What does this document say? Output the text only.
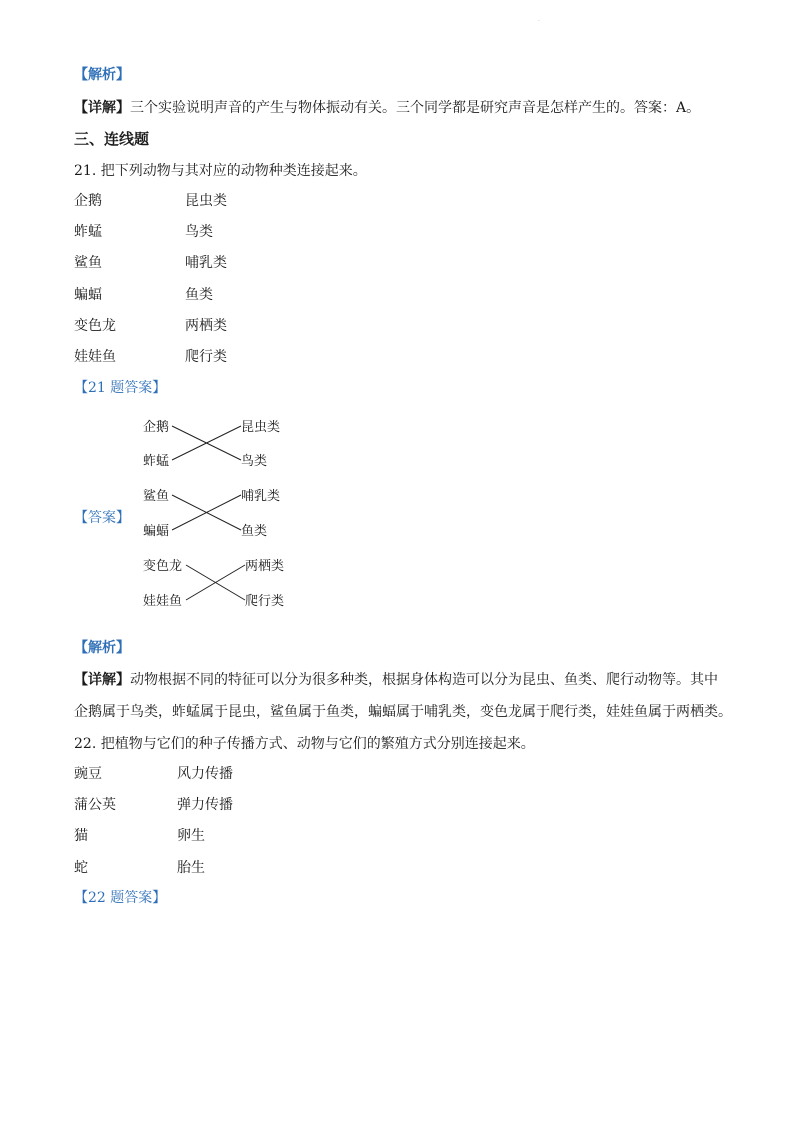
.
【解析】
【详解】三个实验说明声音的产生与物体振动有关。三个同学都是研究声音是怎样产生的。答案：A。
三、连线题
21. 把下列动物与其对应的动物种类连接起来。
企鹅	昆虫类
蚱蜢	鸟类
鲨鱼	哺乳类
蝙蝠	鱼类
变色龙	两栖类
娃娃鱼	爬行类
【21 题答案】
企鹅
蚱蜢
昆虫类
鸟类
鲨鱼
蝙蝠
哺乳类
鱼类
变色龙
娃娃鱼
两栖类
爬行类
【答案】
【解析】
【详解】动物根据不同的特征可以分为很多种类，根据身体构造可以分为昆虫、鱼类、爬行动物等。其中
企鹅属于鸟类，蚱蜢属于昆虫，鲨鱼属于鱼类，蝙蝠属于哺乳类，变色龙属于爬行类，娃娃鱼属于两栖类。
22. 把植物与它们的种子传播方式、动物与它们的繁殖方式分别连接起来。
豌豆	风力传播
蒲公英	弹力传播
猫	卵生
蛇	胎生
【22 题答案】
